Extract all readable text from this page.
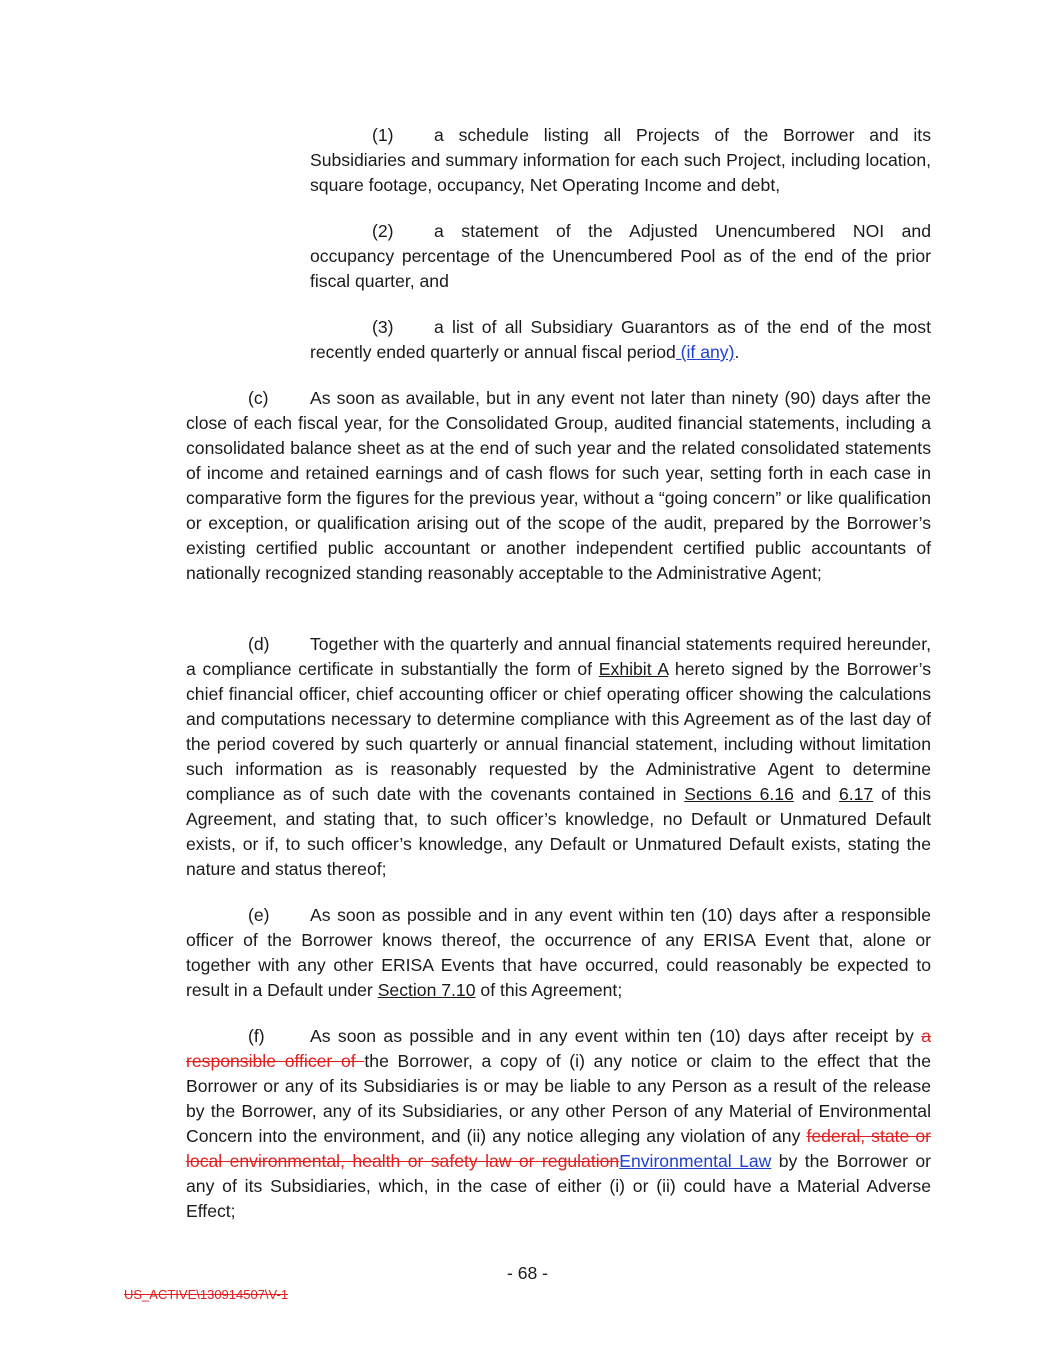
(1) a schedule listing all Projects of the Borrower and its Subsidiaries and summary information for each such Project, including location, square footage, occupancy, Net Operating Income and debt,

(2) a statement of the Adjusted Unencumbered NOI and occupancy percentage of the Unencumbered Pool as of the end of the prior fiscal quarter, and

(3) a list of all Subsidiary Guarantors as of the end of the most recently ended quarterly or annual fiscal period (if any).

(c) As soon as available, but in any event not later than ninety (90) days after the close of each fiscal year, for the Consolidated Group, audited financial statements, including a consolidated balance sheet as at the end of such year and the related consolidated statements of income and retained earnings and of cash flows for such year, setting forth in each case in comparative form the figures for the previous year, without a “going concern” or like qualification or exception, or qualification arising out of the scope of the audit, prepared by the Borrower’s existing certified public accountant or another independent certified public accountants of nationally recognized standing reasonably acceptable to the Administrative Agent;

(d) Together with the quarterly and annual financial statements required hereunder, a compliance certificate in substantially the form of Exhibit A hereto signed by the Borrower’s chief financial officer, chief accounting officer or chief operating officer showing the calculations and computations necessary to determine compliance with this Agreement as of the last day of the period covered by such quarterly or annual financial statement, including without limitation such information as is reasonably requested by the Administrative Agent to determine compliance as of such date with the covenants contained in Sections 6.16 and 6.17 of this Agreement, and stating that, to such officer’s knowledge, no Default or Unmatured Default exists, or if, to such officer’s knowledge, any Default or Unmatured Default exists, stating the nature and status thereof;

(e) As soon as possible and in any event within ten (10) days after a responsible officer of the Borrower knows thereof, the occurrence of any ERISA Event that, alone or together with any other ERISA Events that have occurred, could reasonably be expected to result in a Default under Section 7.10 of this Agreement;

(f)	As soon as possible and in any event within ten (10) days after receipt by a responsible officer of the Borrower, a copy of (i) any notice or claim to the effect that the Borrower or any of its Subsidiaries is or may be liable to any Person as a result of the release by the Borrower, any of its Subsidiaries, or any other Person of any Material of Environmental Concern into the environment, and (ii) any notice alleging any violation of any federal, state or local environmental, health or safety law or regulationEnvironmental Law by the Borrower or any of its Subsidiaries, which, in the case of either (i) or (ii) could have a Material Adverse Effect;

- 68 -
US_ACTIVE\130914507\V-1
